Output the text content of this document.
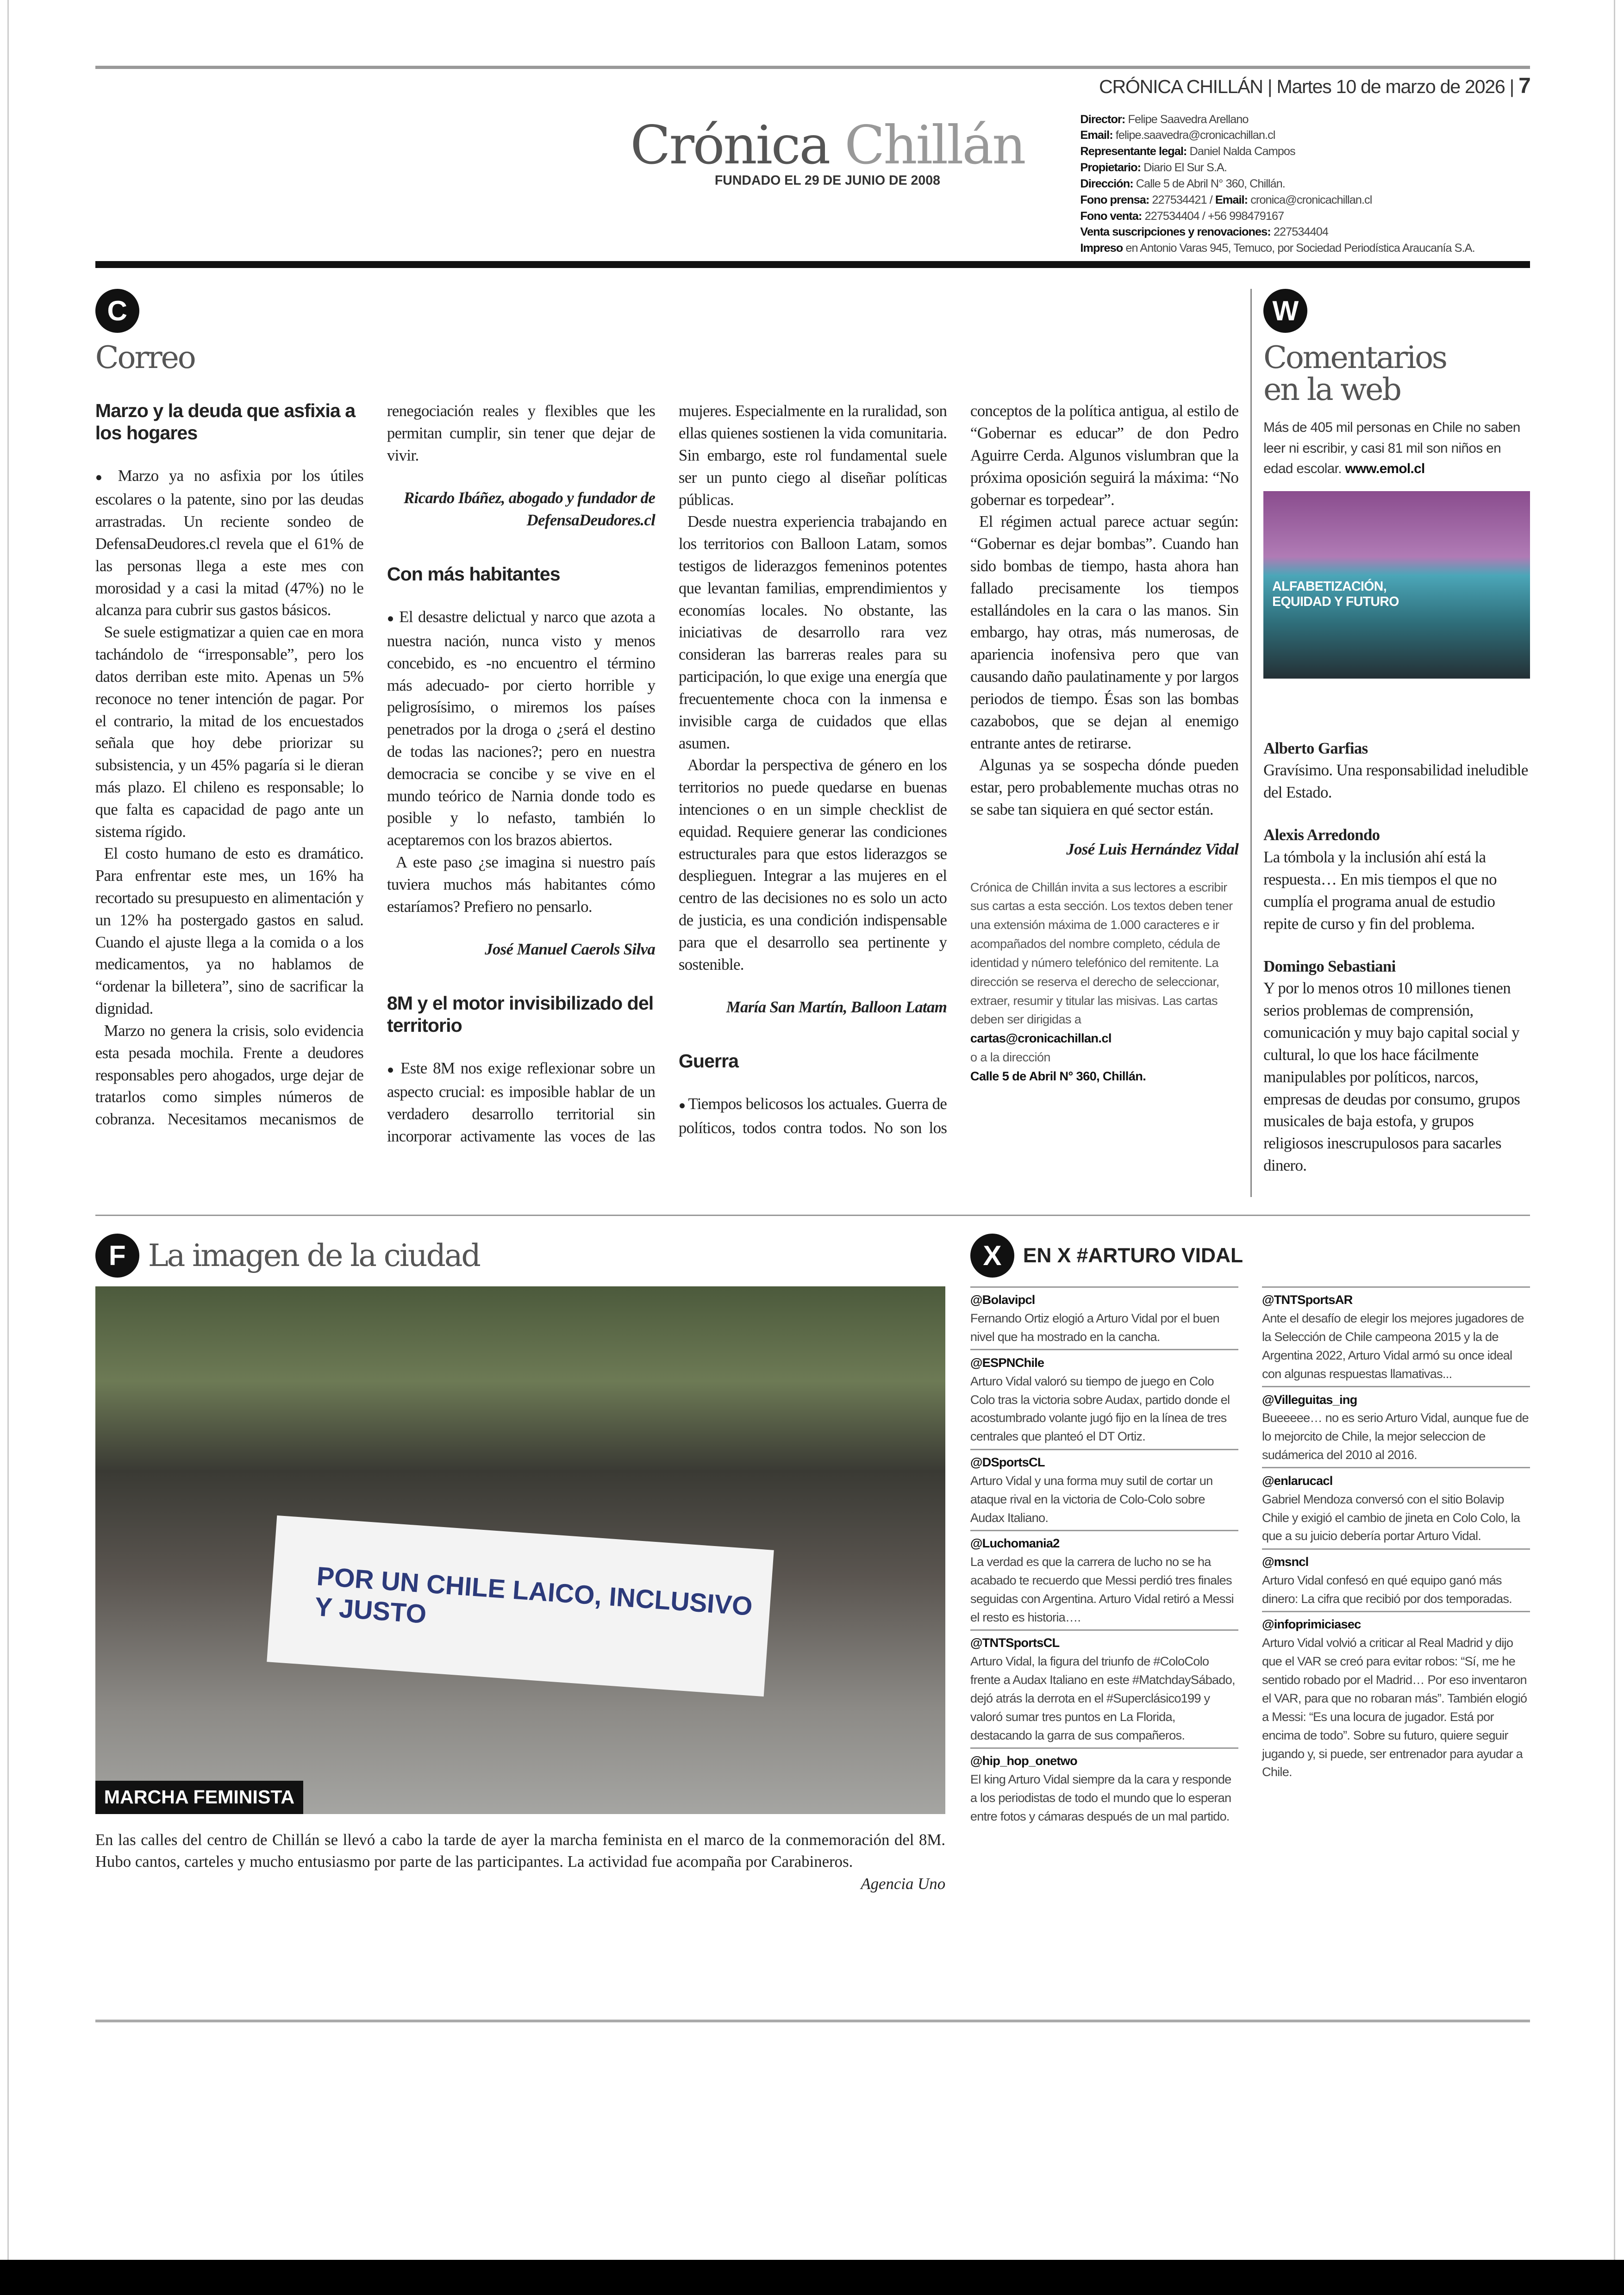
CRÓNICA CHILLÁN | Martes 10 de marzo de 2026 | 7
Crónica Chillán
FUNDADO EL 29 DE JUNIO DE 2008
Director: Felipe Saavedra Arellano
Email: felipe.saavedra@cronicachillan.cl
Representante legal: Daniel Nalda Campos
Propietario: Diario El Sur S.A.
Dirección: Calle 5 de Abril N° 360, Chillán.
Fono prensa: 227534421 / Email: cronica@cronicachillan.cl
Fono venta: 227534404 / +56 998479167
Venta suscripciones y renovaciones: 227534404
Impreso en Antonio Varas 945, Temuco, por Sociedad Periodística Araucanía S.A.

C
Correo
Marzo y la deuda que asfixia a los hogares

● Marzo ya no asfixia por los útiles escolares o la patente, sino por las deudas arrastradas. Un reciente sondeo de DefensaDeudores.cl revela que el 61% de las personas llega a este mes con morosidad y a casi la mitad (47%) no le alcanza para cubrir sus gastos básicos.

Se suele estigmatizar a quien cae en mora tachándolo de “irresponsable”, pero los datos derriban este mito. Apenas un 5% reconoce no tener intención de pagar. Por el contrario, la mitad de los encuestados señala que hoy debe priorizar su subsistencia, y un 45% pagaría si le dieran más plazo. El chileno es responsable; lo que falta es capacidad de pago ante un sistema rígido.

El costo humano de esto es dramático. Para enfrentar este mes, un 16% ha recortado su presupuesto en alimentación y un 12% ha postergado gastos en salud. Cuando el ajuste llega a la comida o a los medicamentos, ya no hablamos de “ordenar la billetera”, sino de sacrificar la dignidad.

Marzo no genera la crisis, solo evidencia esta pesada mochila. Frente a deudores responsables pero ahogados, urge dejar de tratarlos como simples números de cobranza. Necesitamos mecanismos de renegociación reales y flexibles que les permitan cumplir, sin tener que dejar de vivir.

Ricardo Ibáñez, abogado y fundador de DefensaDeudores.cl
Con más habitantes

● El desastre delictual y narco que azota a nuestra nación, nunca visto y menos concebido, es -no encuentro el término más adecuado- por cierto horrible y peligrosísimo, o miremos los países penetrados por la droga o ¿será el destino de todas las naciones?; pero en nuestra democracia se concibe y se vive en el mundo teórico de Narnia donde todo es posible y lo nefasto, también lo aceptaremos con los brazos abiertos.

A este paso ¿se imagina si nuestro país tuviera muchos más habitantes cómo estaríamos? Prefiero no pensarlo.

José Manuel Caerols Silva
8M y el motor invisibilizado del territorio

● Este 8M nos exige reflexionar sobre un aspecto crucial: es imposible hablar de un verdadero desarrollo territorial sin incorporar activamente las voces de las mujeres. Especialmente en la ruralidad, son ellas quienes sostienen la vida comunitaria. Sin embargo, este rol fundamental suele ser un punto ciego al diseñar políticas públicas.

Desde nuestra experiencia trabajando en los territorios con Balloon Latam, somos testigos de liderazgos femeninos potentes que levantan familias, emprendimientos y economías locales. No obstante, las iniciativas de desarrollo rara vez consideran las barreras reales para su participación, lo que exige una energía que frecuentemente choca con la inmensa e invisible carga de cuidados que ellas asumen.

Abordar la perspectiva de género en los territorios no puede quedarse en buenas intenciones o en un simple checklist de equidad. Requiere generar las condiciones estructurales para que estos liderazgos se desplieguen. Integrar a las mujeres en el centro de las decisiones no es solo un acto de justicia, es una condición indispensable para que el desarrollo sea pertinente y sostenible.

María San Martín, Balloon Latam
Guerra

● Tiempos belicosos los actuales. Guerra de políticos, todos contra todos. No son los conceptos de la política antigua, al estilo de “Gobernar es educar” de don Pedro Aguirre Cerda. Algunos vislumbran que la próxima oposición seguirá la máxima: “No gobernar es torpedear”.

El régimen actual parece actuar según: “Gobernar es dejar bombas”. Cuando han sido bombas de tiempo, hasta ahora han fallado precisamente los tiempos estallándoles en la cara o las manos. Sin embargo, hay otras, más numerosas, de apariencia inofensiva pero que van causando daño paulatinamente y por largos periodos de tiempo. Ésas son las bombas cazabobos, que se dejan al enemigo entrante antes de retirarse.

Algunas ya se sospecha dónde pueden estar, pero probablemente muchas otras no se sabe tan siquiera en qué sector están.

José Luis Hernández Vidal
Crónica de Chillán invita a sus lectores a escribir sus cartas a esta sección. Los textos deben tener una extensión máxima de 1.000 caracteres e ir acompañados del nombre completo, cédula de identidad y número telefónico del remitente. La dirección se reserva el derecho de seleccionar, extraer, resumir y titular las misivas. Las cartas deben ser dirigidas a
cartas@cronicachillan.cl
o a la dirección
Calle 5 de Abril N° 360, Chillán.
W
Comentarios
en la web
Más de 405 mil personas en Chile no saben leer ni escribir, y casi 81 mil son niños en edad escolar. www.emol.cl
ALFABETIZACIÓN, EQUIDAD Y FUTURO

Alberto Garfias

Gravísimo. Una responsabilidad ineludible del Estado.

Alexis Arredondo

La tómbola y la inclusión ahí está la respuesta… En mis tiempos el que no cumplía el programa anual de estudio repite de curso y fin del problema.

Domingo Sebastiani

Y por lo menos otros 10 millones tienen serios problemas de comprensión, comunicación y muy bajo capital social y cultural, lo que los hace fácilmente manipulables por políticos, narcos, empresas de deudas por consumo, grupos musicales de baja estofa, y grupos religiosos inescrupulosos para sacarles dinero.

F	La imagen de la ciudad
POR UN CHILE LAICO, INCLUSIVO Y JUSTO
MARCHA FEMINISTA
En las calles del centro de Chillán se llevó a cabo la tarde de ayer la marcha feminista en el marco de la conmemoración del 8M. Hubo cantos, carteles y mucho entusiasmo por parte de las participantes. La actividad fue acompaña por Carabineros.
Agencia Uno
X	EN X #ARTURO VIDAL
@Bolavipcl
Fernando Ortiz elogió a Arturo Vidal por el buen nivel que ha mostrado en la cancha.
@ESPNChile
Arturo Vidal valoró su tiempo de juego en Colo Colo tras la victoria sobre Audax, partido donde el acostumbrado volante jugó fijo en la línea de tres centrales que planteó el DT Ortiz.
@DSportsCL
Arturo Vidal y una forma muy sutil de cortar un ataque rival en la victoria de Colo-Colo sobre Audax Italiano.
@Luchomania2
La verdad es que la carrera de lucho no se ha acabado te recuerdo que Messi perdió tres finales seguidas con Argentina. Arturo Vidal retiró a Messi el resto es historia….
@TNTSportsCL
Arturo Vidal, la figura del triunfo de #ColoColo frente a Audax Italiano en este #MatchdaySábado, dejó atrás la derrota en el #Superclásico199 y valoró sumar tres puntos en La Florida, destacando la garra de sus compañeros.
@hip_hop_onetwo
El king Arturo Vidal siempre da la cara y responde a los periodistas de todo el mundo que lo esperan entre fotos y cámaras después de un mal partido.
@TNTSportsAR
Ante el desafío de elegir los mejores jugadores de la Selección de Chile campeona 2015 y la de Argentina 2022, Arturo Vidal armó su once ideal con algunas respuestas llamativas...
@Villeguitas_ing
Bueeeee… no es serio Arturo Vidal, aunque fue de lo mejorcito de Chile, la mejor seleccion de sudámerica del 2010 al 2016.
@enlarucacl
Gabriel Mendoza conversó con el sitio Bolavip Chile y exigió el cambio de jineta en Colo Colo, la que a su juicio debería portar Arturo Vidal.
@msncl
Arturo Vidal confesó en qué equipo ganó más dinero: La cifra que recibió por dos temporadas.
@infoprimiciasec
Arturo Vidal volvió a criticar al Real Madrid y dijo que el VAR se creó para evitar robos: “Sí, me he sentido robado por el Madrid… Por eso inventaron el VAR, para que no robaran más”. También elogió a Messi: “Es una locura de jugador. Está por encima de todo”. Sobre su futuro, quiere seguir jugando y, si puede, ser entrenador para ayudar a Chile.
